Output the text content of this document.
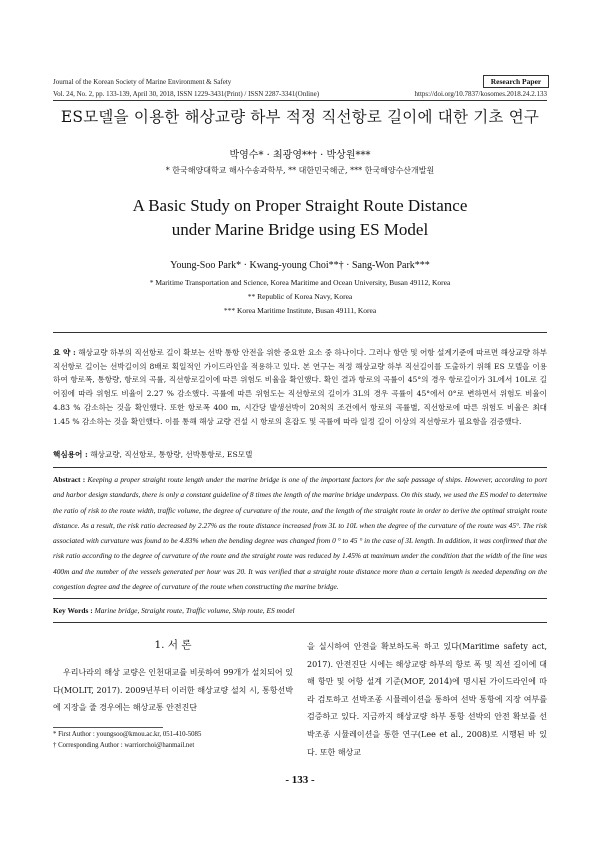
Journal of the Korean Society of Marine Environment & Safety	Research Paper
Vol. 24, No. 2, pp. 133-139, April 30, 2018, ISSN 1229-3431(Print) / ISSN 2287-3341(Online)	https://doi.org/10.7837/kosomes.2018.24.2.133
ES모델을 이용한 해상교량 하부 적정 직선항로 길이에 대한 기초 연구
박영수* · 최광영**† · 박상원***
* 한국해양대학교 해사수송과학부, ** 대한민국해군, *** 한국해양수산개발원
A Basic Study on Proper Straight Route Distance
under Marine Bridge using ES Model
Young-Soo Park* · Kwang-young Choi**† · Sang-Won Park***
* Maritime Transportation and Science, Korea Maritime and Ocean University, Busan 49112, Korea
** Republic of Korea Navy, Korea
*** Korea Maritime Institute, Busan 49111, Korea
요 약 : 해상교량 하부의 직선항로 길이 확보는 선박 통항 안전을 위한 중요한 요소 중 하나이다. 그러나 항만 및 어항 설계기준에 따르면 해상교량 하부 직선항로 길이는 선박길이의 8배로 획일적인 가이드라인을 적용하고 있다. 본 연구는 적정 해상교량 하부 직선길이를 도출하기 위해 ES 모델을 이용하여 항로폭, 통항량, 항로의 곡률, 직선항로길이에 따른 위험도 비율을 확인했다. 확인 결과 항로의 곡률이 45°의 경우 항로길이가 3L에서 10L로 길어짐에 따라 위험도 비율이 2.27 % 감소했다. 곡률에 따른 위험도는 직선항로의 길이가 3L의 경우 곡률이 45°에서 0°로 변하면서 위험도 비율이 4.83 % 감소하는 것을 확인했다. 또한 항로폭 400 m, 시간당 발생선박이 20척의 조건에서 항로의 곡률별, 직선항로에 따른 위험도 비율은 최대 1.45 % 감소하는 것을 확인했다. 이를 통해 해상 교량 건설 시 항로의 혼잡도 및 곡률에 따라 일정 길이 이상의 직선항로가 필요함을 검증했다.
핵심용어 : 해상교량, 직선항로, 통항량, 선박통항로, ES모델
Abstract : Keeping a proper straight route length under the marine bridge is one of the important factors for the safe passage of ships. However, according to port and harbor design standards, there is only a constant guideline of 8 times the length of the marine bridge underpass. On this study, we used the ES model to determine the ratio of risk to the route width, traffic volume, the degree of curvature of the route, and the length of the straight route in order to derive the optimal straight route distance. As a result, the risk ratio decreased by 2.27% as the route distance increased from 3L to 10L when the degree of the curvature of the route was 45°. The risk associated with curvature was found to be 4.83% when the bending degree was changed from 0 ° to 45 ° in the case of 3L length. In addition, it was confirmed that the risk ratio according to the degree of curvature of the route and the straight route was reduced by 1.45% at maximum under the condition that the width of the line was 400m and the number of the vessels generated per hour was 20. It was verified that a straight route distance more than a certain length is needed depending on the congestion degree and the degree of curvature of the route when constructing the marine bridge.
Key Words : Marine bridge, Straight route, Traffic volume, Ship route, ES model
1. 서 론
우리나라의 해상 교량은 인천대교를 비롯하여 99개가 설치되어 있다(MOLIT, 2017). 2009년부터 이러한 해상교량 설치 시, 통항선박에 지장을 줄 경우에는 해상교통 안전진단
을 실시하여 안전을 확보하도록 하고 있다(Maritime safety act, 2017). 안전진단 시에는 해상교량 하부의 항로 폭 및 직선 길이에 대해 항만 및 어항 설계 기준(MOF, 2014)에 명시된 가이드라인에 따라 검토하고 선박조종 시뮬레이션을 통하여 선박 통항에 지장 여부를 검증하고 있다. 지금까지 해상교량 하부 통항 선박의 안전 확보를 선박조종 시뮬레이션을 통한 연구(Lee et al., 2008)로 시행된 바 있다. 또한 해상교
* First Author : youngsoo@kmou.ac.kr, 051-410-5085
† Corresponding Author : warriorchoi@hanmail.net
- 133 -
